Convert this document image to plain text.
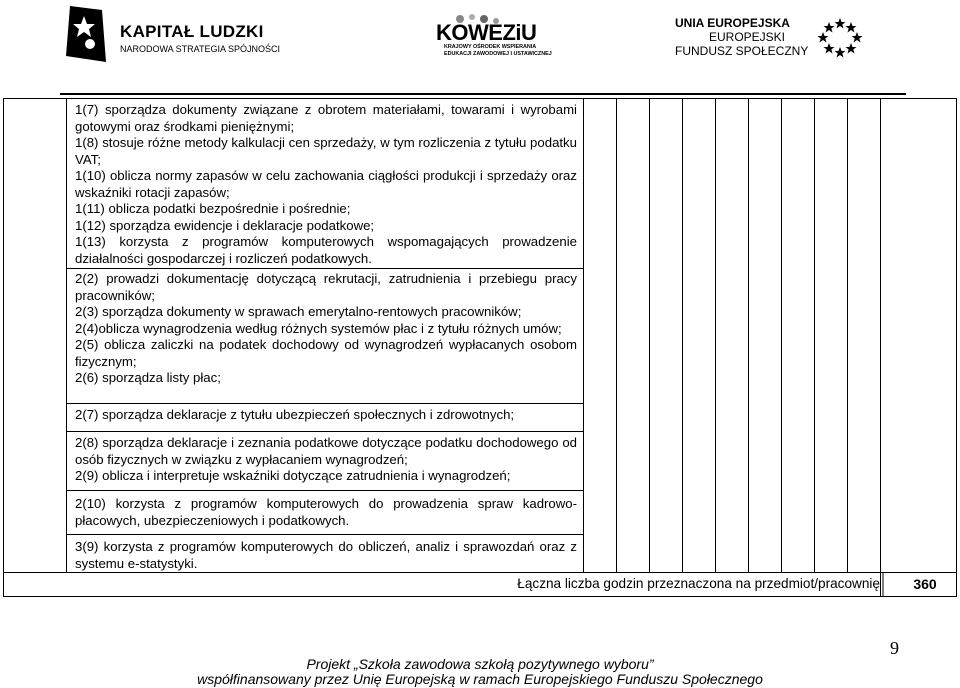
KAPITAŁ LUDZKI
NARODOWA STRATEGIA SPÓJNOŚCI
KOWEZiU
KRAJOWY OŚRODEK WSPIERANIA
EDUKACJI ZAWODOWEJ I USTAWICZNEJ
UNIA EUROPEJSKA
EUROPEJSKI
FUNDUSZ SPOŁECZNY
1(7) sporządza dokumenty związane z obrotem materiałami, towarami i wyrobami gotowymi oraz środkami pieniężnymi;
1(8) stosuje różne metody kalkulacji cen sprzedaży, w tym rozliczenia z tytułu podatku VAT;
1(10) oblicza normy zapasów w celu zachowania ciągłości produkcji i sprzedaży oraz wskaźniki rotacji zapasów;
1(11) oblicza podatki bezpośrednie i pośrednie;
1(12) sporządza ewidencje i deklaracje podatkowe;
1(13) korzysta z programów komputerowych wspomagających prowadzenie działalności gospodarczej i rozliczeń podatkowych.
2(2) prowadzi dokumentację dotyczącą rekrutacji, zatrudnienia i przebiegu pracy pracowników;
2(3) sporządza dokumenty w sprawach emerytalno-rentowych pracowników;
2(4)oblicza wynagrodzenia według różnych systemów płac i z tytułu różnych umów;
2(5) oblicza zaliczki na podatek dochodowy od wynagrodzeń wypłacanych osobom fizycznym;
2(6) sporządza listy płac;
2(7) sporządza deklaracje z tytułu ubezpieczeń społecznych i zdrowotnych;
2(8) sporządza deklaracje i zeznania podatkowe dotyczące podatku dochodowego od osób fizycznych w związku z wypłacaniem wynagrodzeń;
2(9) oblicza i interpretuje wskaźniki dotyczące zatrudnienia i wynagrodzeń;
2(10) korzysta z programów komputerowych do prowadzenia spraw kadrowo-płacowych, ubezpieczeniowych i podatkowych.
3(9) korzysta z programów komputerowych do obliczeń, analiz i sprawozdań oraz z systemu e-statystyki.
Łączna liczba godzin przeznaczona na przedmiot/pracownię	360
9
Projekt „Szkoła zawodowa szkołą pozytywnego wyboru”
współfinansowany przez Unię Europejską w ramach Europejskiego Funduszu Społecznego
